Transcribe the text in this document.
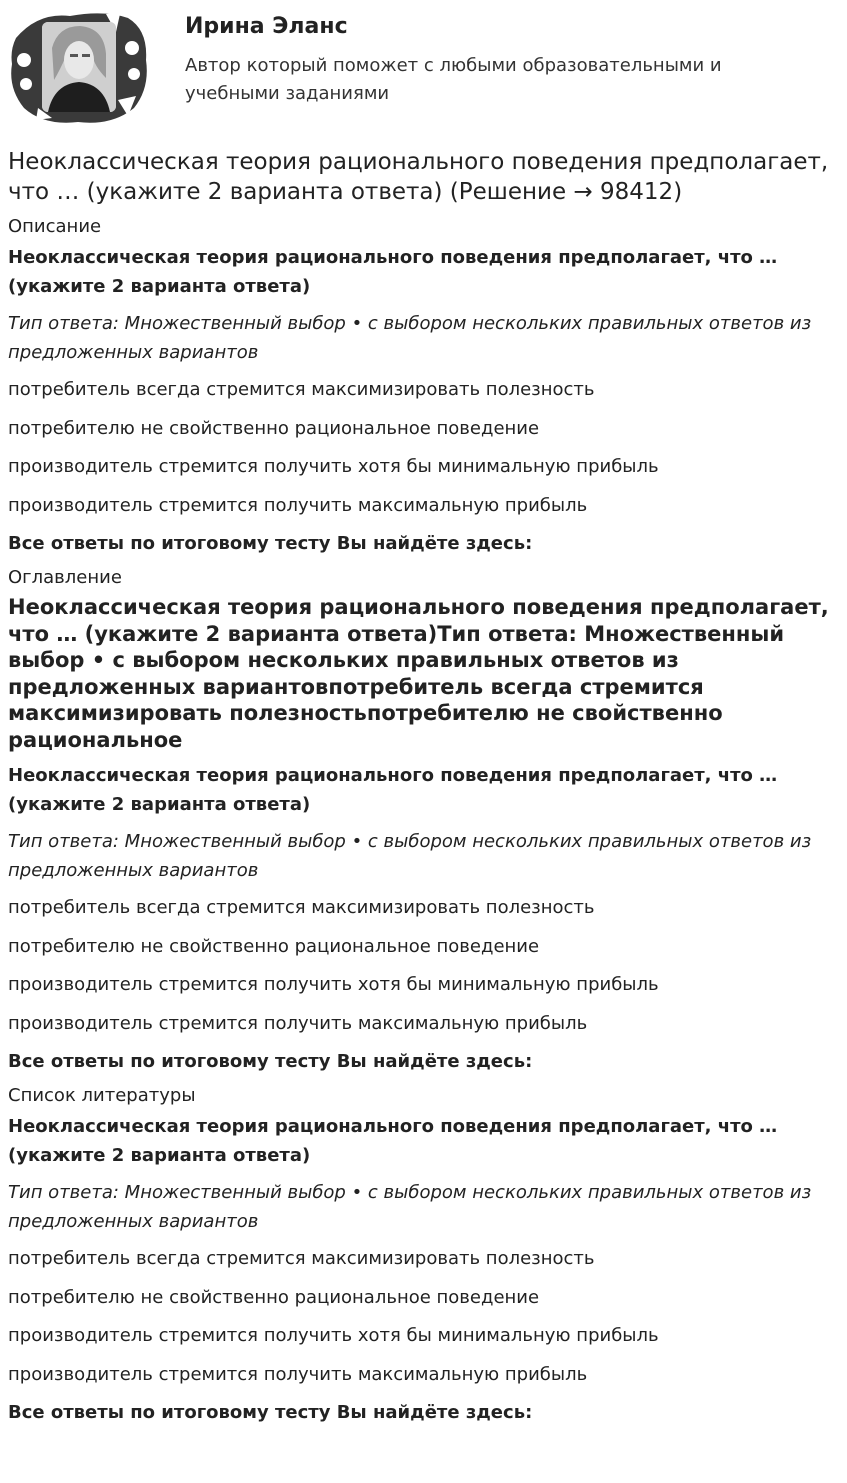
Ирина Эланс
Автор который поможет с любыми образовательными и учебными заданиями
Неоклассическая теория рационального поведения предполагает, что … (укажите 2 варианта ответа) (Решение → 98412)
Описание
Неоклассическая теория рационального поведения предполагает, что … (укажите 2 варианта ответа)
Тип ответа: Множественный выбор • с выбором нескольких правильных ответов из предложенных вариантов
потребитель всегда стремится максимизировать полезность
потребителю не свойственно рациональное поведение
производитель стремится получить хотя бы минимальную прибыль
производитель стремится получить максимальную прибыль
Все ответы по итоговому тесту Вы найдёте здесь:
Оглавление
Неоклассическая теория рационального поведения предполагает, что … (укажите 2 варианта ответа)Тип ответа: Множественный выбор • с выбором нескольких правильных ответов из предложенных вариантовпотребитель всегда стремится максимизировать полезностьпотребителю не свойственно рациональное
Неоклассическая теория рационального поведения предполагает, что … (укажите 2 варианта ответа)
Тип ответа: Множественный выбор • с выбором нескольких правильных ответов из предложенных вариантов
потребитель всегда стремится максимизировать полезность
потребителю не свойственно рациональное поведение
производитель стремится получить хотя бы минимальную прибыль
производитель стремится получить максимальную прибыль
Все ответы по итоговому тесту Вы найдёте здесь:
Список литературы
Неоклассическая теория рационального поведения предполагает, что … (укажите 2 варианта ответа)
Тип ответа: Множественный выбор • с выбором нескольких правильных ответов из предложенных вариантов
потребитель всегда стремится максимизировать полезность
потребителю не свойственно рациональное поведение
производитель стремится получить хотя бы минимальную прибыль
производитель стремится получить максимальную прибыль
Все ответы по итоговому тесту Вы найдёте здесь:
